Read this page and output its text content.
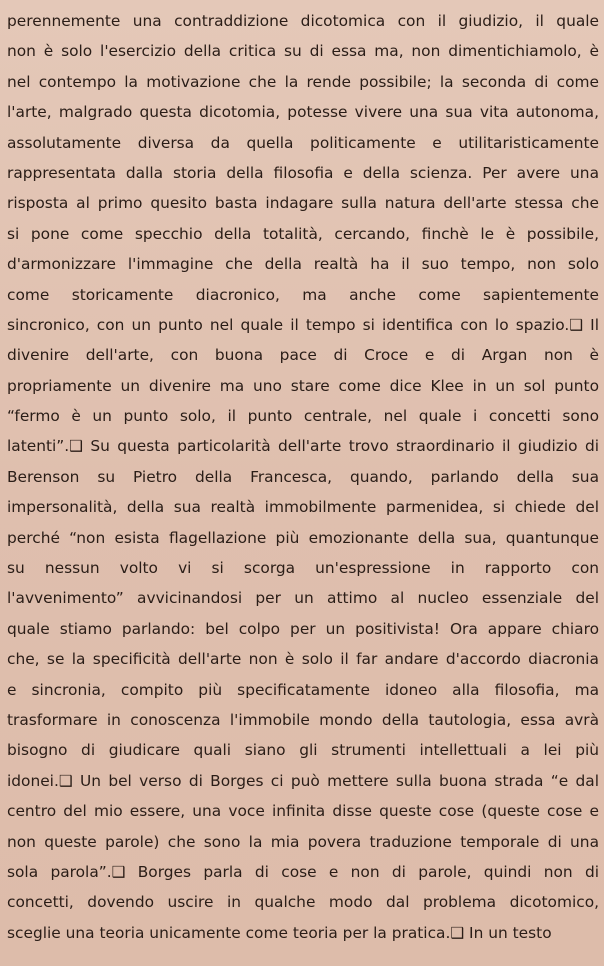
perennemente una contraddizione dicotomica con il giudizio, il quale
non è solo l'esercizio della critica su di essa ma, non dimentichiamolo, è
nel contempo la motivazione che la rende possibile; la seconda di come
l'arte, malgrado questa dicotomia, potesse vivere una sua vita autonoma,
assolutamente diversa da quella politicamente e utilitaristicamente
rappresentata dalla storia della filosofia e della scienza. Per avere una
risposta al primo quesito basta indagare sulla natura dell'arte stessa che
si pone come specchio della totalità, cercando, finchè le è possibile,
d'armonizzare l'immagine che della realtà ha il suo tempo, non solo
come storicamente diacronico, ma anche come sapientemente
sincronico, con un punto nel quale il tempo si identifica con lo spazio.❑ Il
divenire dell'arte, con buona pace di Croce e di Argan non è
propriamente un divenire ma uno stare come dice Klee in un sol punto
“fermo è un punto solo, il punto centrale, nel quale i concetti sono
latenti”.❑ Su questa particolarità dell'arte trovo straordinario il giudizio di
Berenson su Pietro della Francesca, quando, parlando della sua
impersonalità, della sua realtà immobilmente parmenidea, si chiede del
perché “non esista flagellazione più emozionante della sua, quantunque
su nessun volto vi si scorga un'espressione in rapporto con
l'avvenimento” avvicinandosi per un attimo al nucleo essenziale del
quale stiamo parlando: bel colpo per un positivista! Ora appare chiaro
che, se la specificità dell'arte non è solo il far andare d'accordo diacronia
e sincronia, compito più specificatamente idoneo alla filosofia, ma
trasformare in conoscenza l'immobile mondo della tautologia, essa avrà
bisogno di giudicare quali siano gli strumenti intellettuali a lei più
idonei.❑ Un bel verso di Borges ci può mettere sulla buona strada “e dal
centro del mio essere, una voce infinita disse queste cose (queste cose e
non queste parole) che sono la mia povera traduzione temporale di una
sola parola”.❑ Borges parla di cose e non di parole, quindi non di
concetti, dovendo uscire in qualche modo dal problema dicotomico,
sceglie una teoria unicamente come teoria per la pratica.❑ In un testo
